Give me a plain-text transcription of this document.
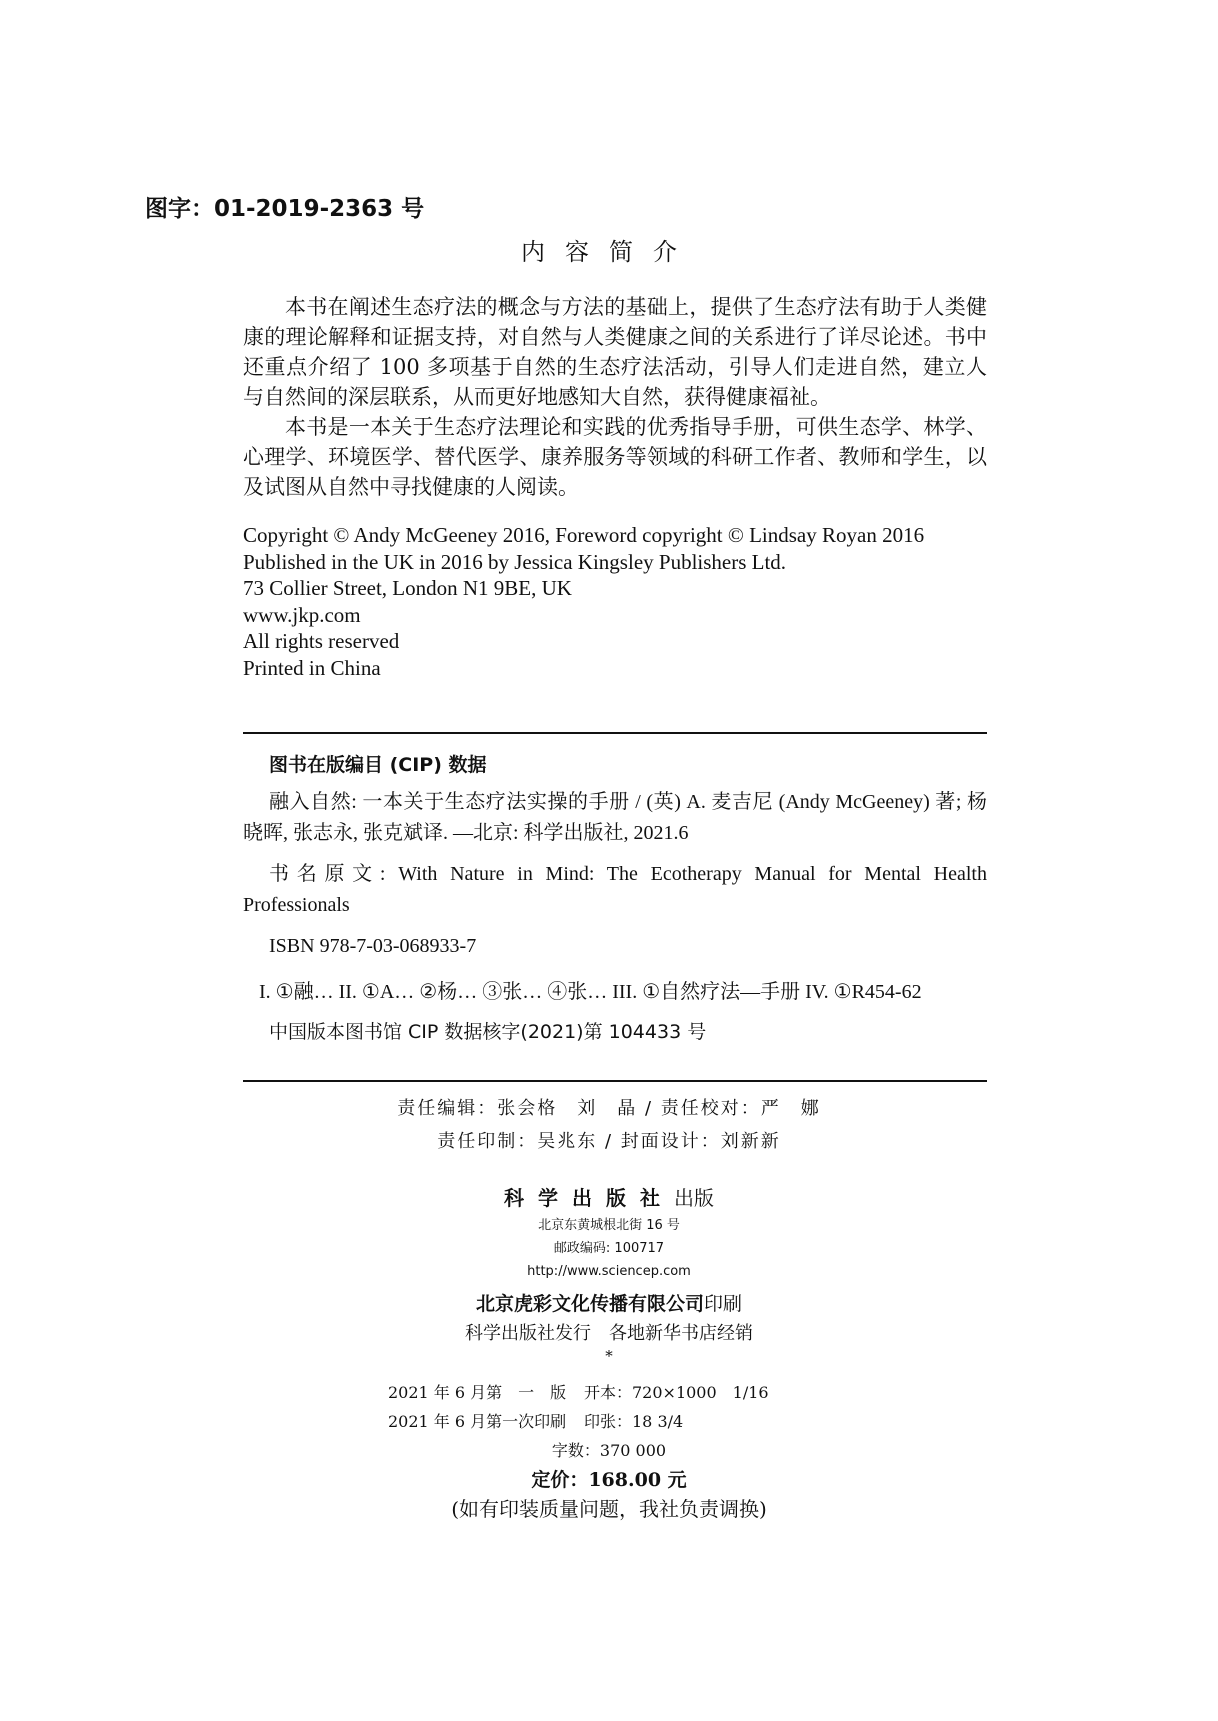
图字：01-2019-2363 号
内容简介

本书在阐述生态疗法的概念与方法的基础上，提供了生态疗法有助于人类健康的理论解释和证据支持，对自然与人类健康之间的关系进行了详尽论述。书中还重点介绍了 100 多项基于自然的生态疗法活动，引导人们走进自然，建立人与自然间的深层联系，从而更好地感知大自然，获得健康福祉。

本书是一本关于生态疗法理论和实践的优秀指导手册，可供生态学、林学、心理学、环境医学、替代医学、康养服务等领域的科研工作者、教师和学生，以及试图从自然中寻找健康的人阅读。

Copyright © Andy McGeeney 2016, Foreword copyright © Lindsay Royan 2016
Published in the UK in 2016 by Jessica Kingsley Publishers Ltd.
73 Collier Street, London N1 9BE, UK
www.jkp.com
All rights reserved
Printed in China
图书在版编目 (CIP) 数据
融入自然: 一本关于生态疗法实操的手册 / (英) A. 麦吉尼 (Andy McGeeney) 著; 杨晓晖, 张志永, 张克斌译. —北京: 科学出版社, 2021.6
书名原文: With Nature in Mind: The Ecotherapy Manual for Mental Health Professionals
ISBN 978-7-03-068933-7
I. ①融… II. ①A… ②杨… ③张… ④张… III. ①自然疗法—手册 IV. ①R454-62
中国版本图书馆 CIP 数据核字(2021)第 104433 号
责任编辑：张会格　刘　晶 / 责任校对：严　娜
责任印制：吴兆东 / 封面设计：刘新新
科学出版社出版
北京东黄城根北街 16 号
邮政编码: 100717
http://www.sciencep.com
北京虎彩文化传播有限公司印刷
科学出版社发行　各地新华书店经销
*
2021 年 6 月第　一　版 开本：720×1000　1/16
2021 年 6 月第一次印刷 印张：18 3/4
字数：370 000
定价：168.00 元
(如有印装质量问题，我社负责调换)
